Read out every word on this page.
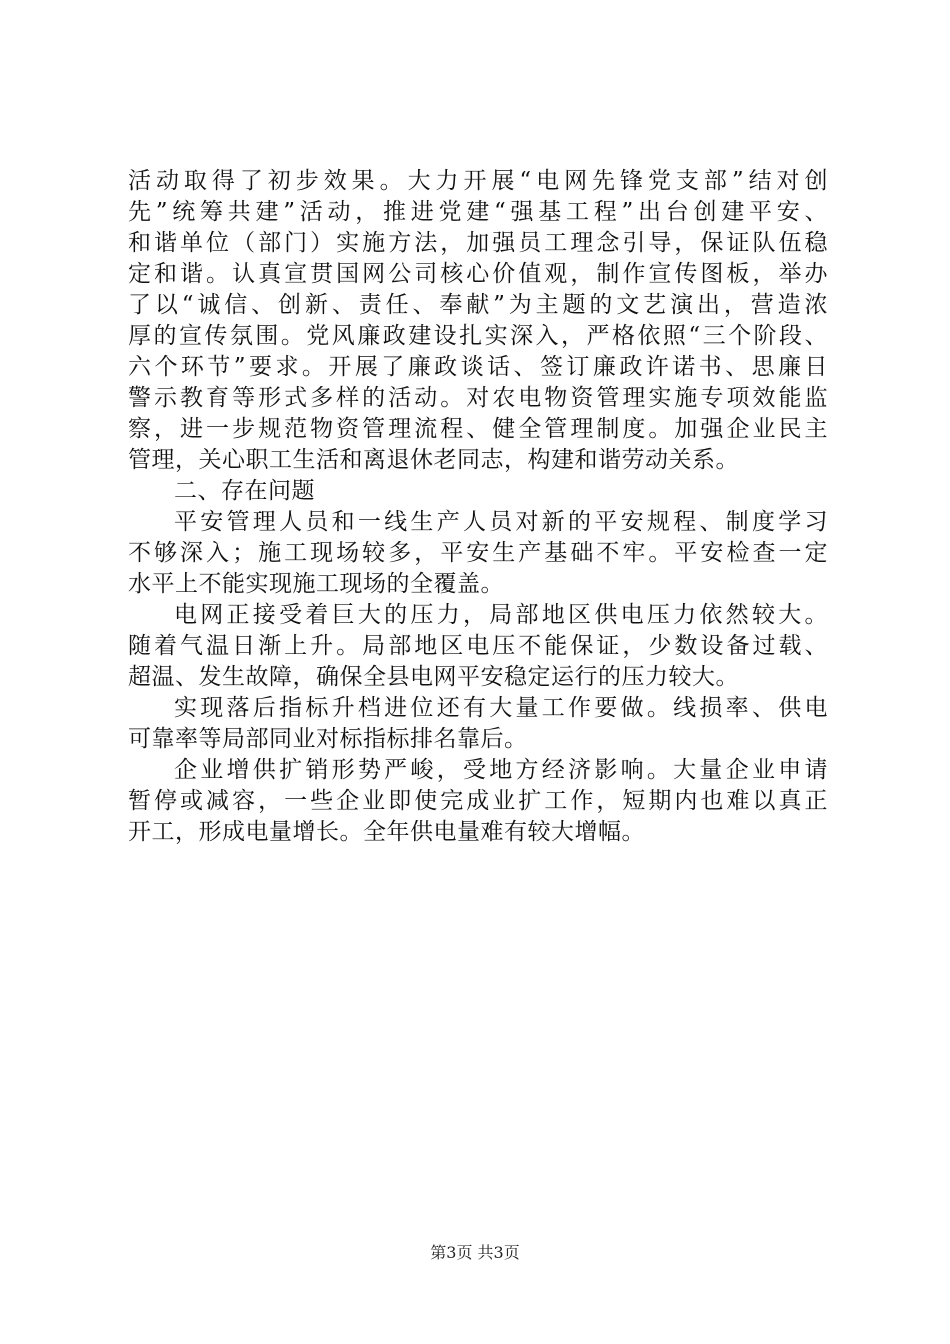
活动取得了初步效果。大力开展“电网先锋党支部”结对创
先”统筹共建”活动，推进党建“强基工程”出台创建平安、
和谐单位（部门）实施方法，加强员工理念引导，保证队伍稳
定和谐。认真宣贯国网公司核心价值观，制作宣传图板，举办
了以“诚信、创新、责任、奉献”为主题的文艺演出，营造浓
厚的宣传氛围。党风廉政建设扎实深入，严格依照“三个阶段、
六个环节”要求。开展了廉政谈话、签订廉政许诺书、思廉日
警示教育等形式多样的活动。对农电物资管理实施专项效能监
察，进一步规范物资管理流程、健全管理制度。加强企业民主
管理，关心职工生活和离退休老同志，构建和谐劳动关系。
二、存在问题
平安管理人员和一线生产人员对新的平安规程、制度学习
不够深入；施工现场较多，平安生产基础不牢。平安检查一定
水平上不能实现施工现场的全覆盖。
电网正接受着巨大的压力，局部地区供电压力依然较大。
随着气温日渐上升。局部地区电压不能保证，少数设备过载、
超温、发生故障，确保全县电网平安稳定运行的压力较大。
实现落后指标升档进位还有大量工作要做。线损率、供电
可靠率等局部同业对标指标排名靠后。
企业增供扩销形势严峻，受地方经济影响。大量企业申请
暂停或减容，一些企业即使完成业扩工作，短期内也难以真正
开工，形成电量增长。全年供电量难有较大增幅。
第3页 共3页
